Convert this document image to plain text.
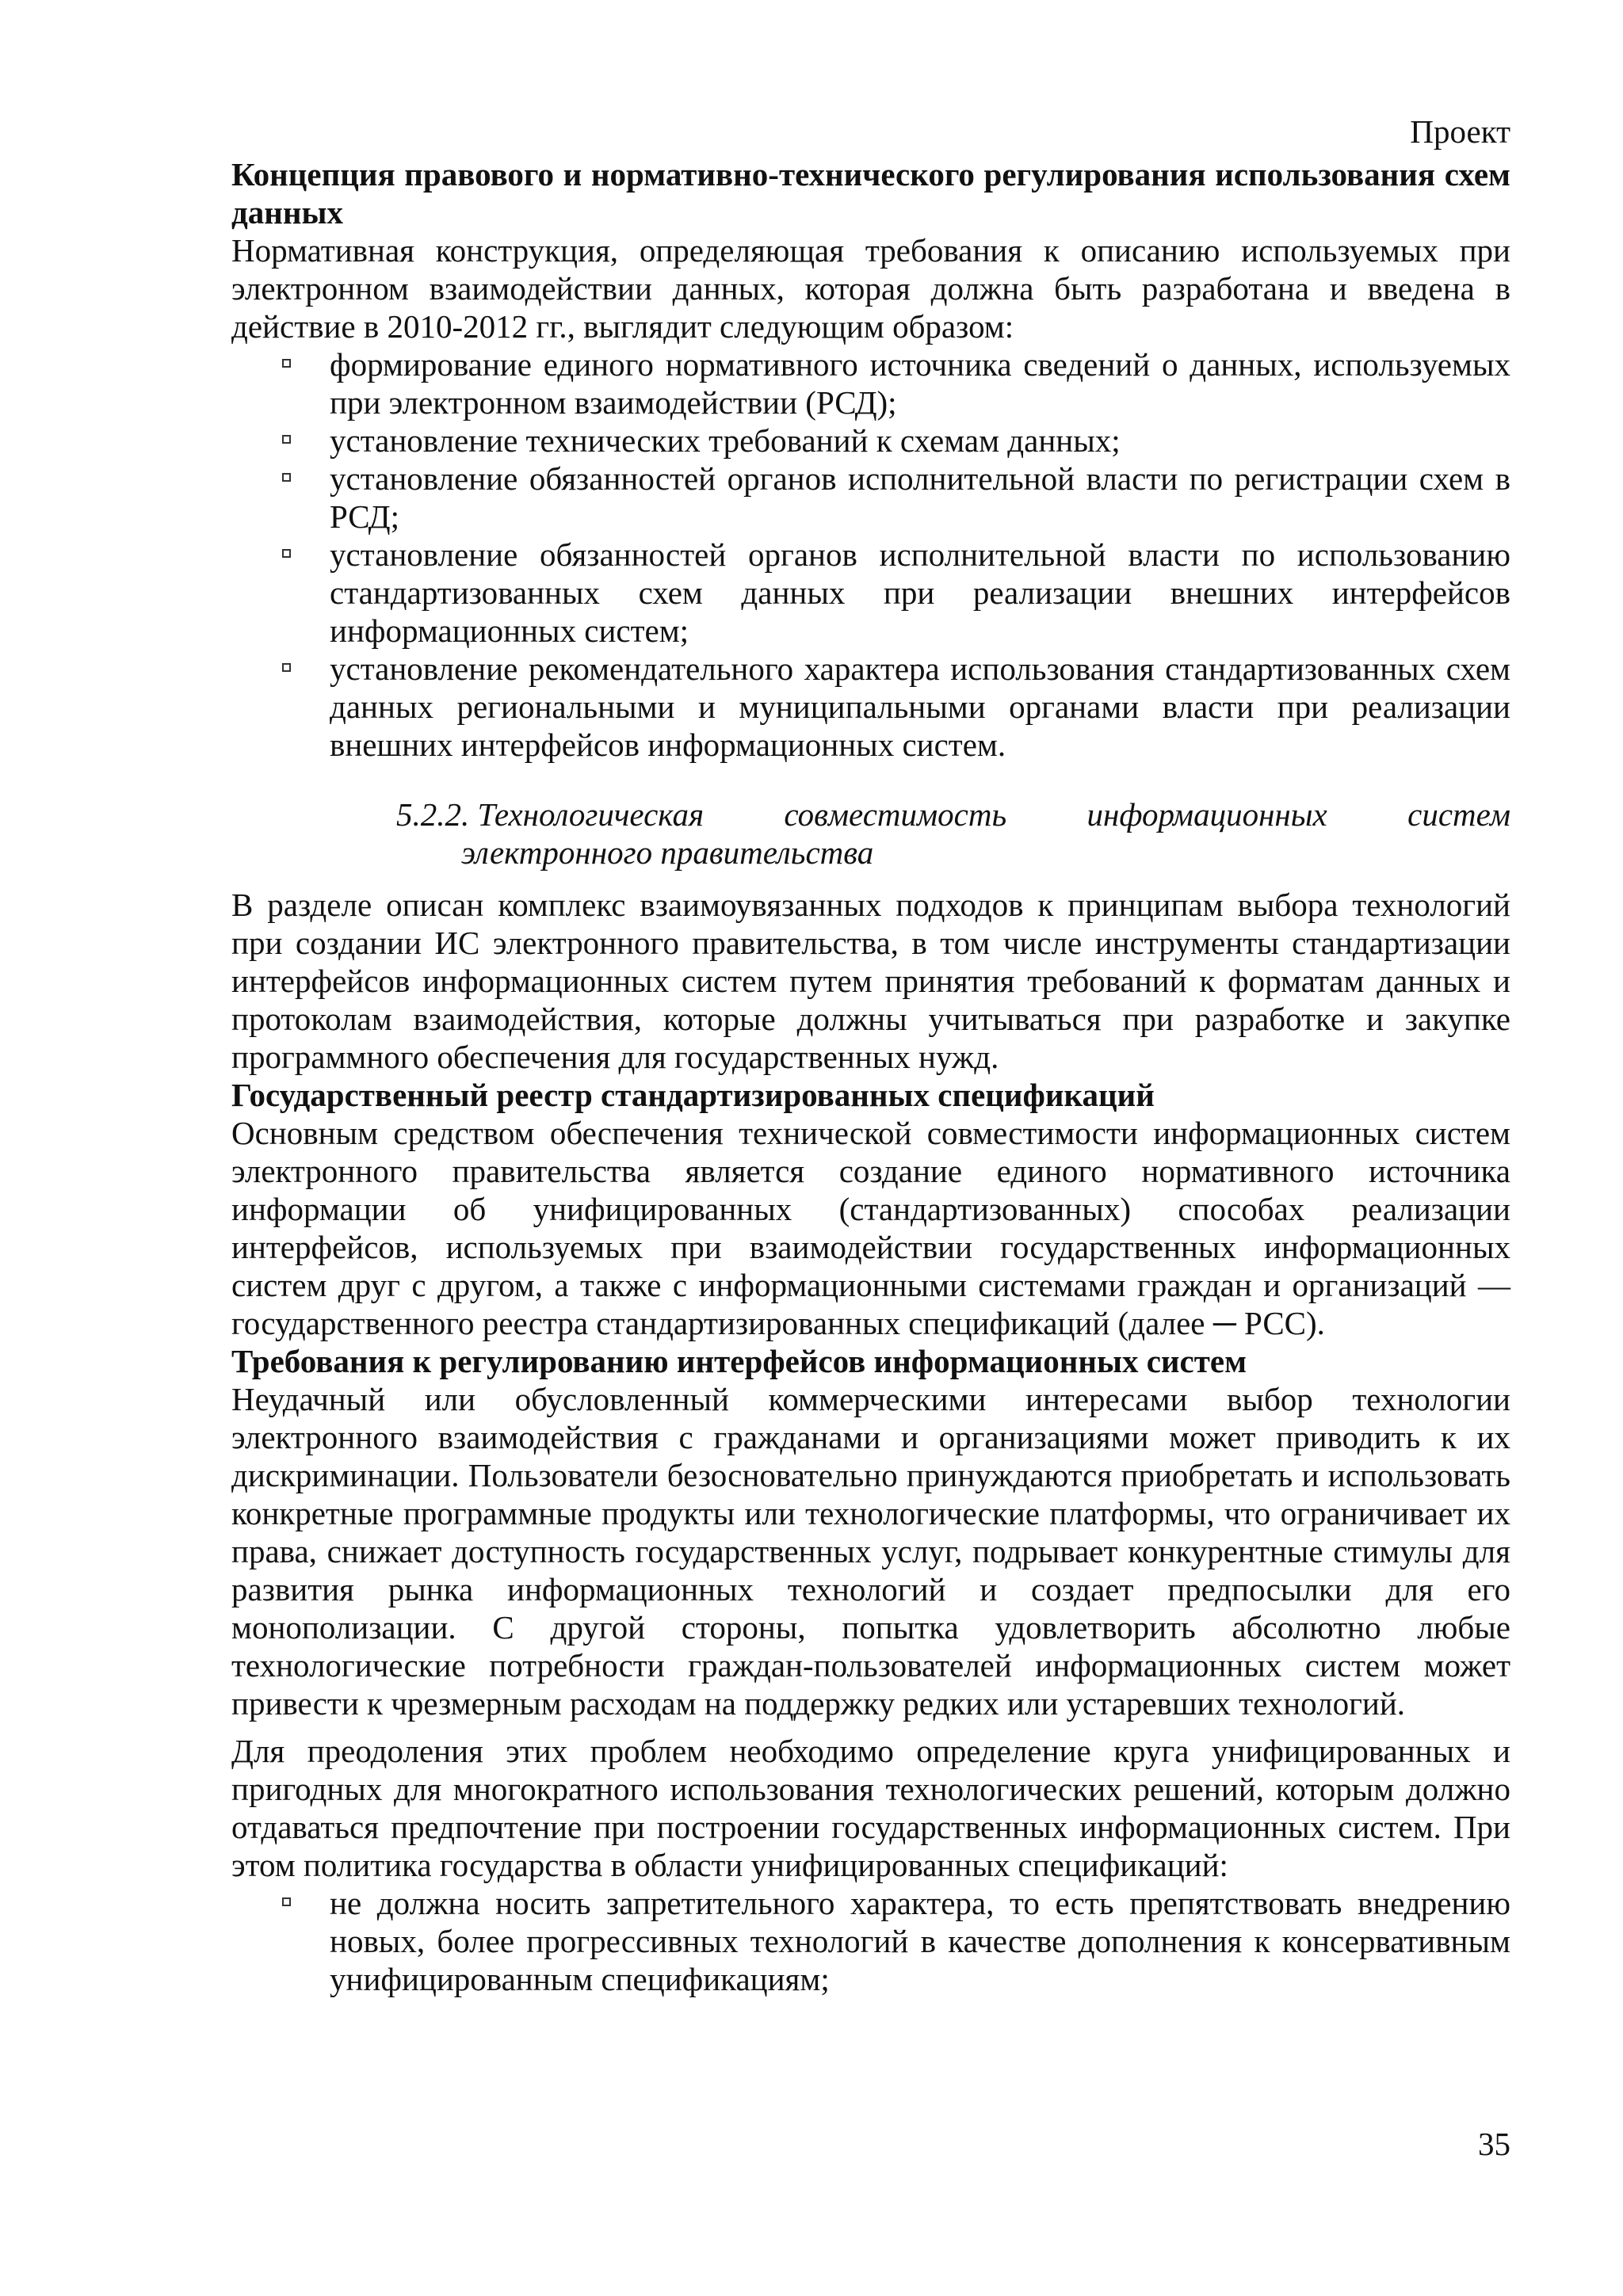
Проект
Концепция правового и нормативно-технического регулирования использования схем данных

Нормативная конструкция, определяющая требования к описанию используемых при электронном взаимодействии данных, которая должна быть разработана и введена в действие в 2010-2012 гг., выглядит следующим образом:

формирование единого нормативного источника сведений о данных, используемых при электронном взаимодействии (РСД);
установление технических требований к схемам данных;
установление обязанностей органов исполнительной власти по регистрации схем в РСД;
установление обязанностей органов исполнительной власти по использованию стандартизованных схем данных при реализации внешних интерфейсов информационных систем;
установление рекомендательного характера использования стандартизованных схем данных региональными и муниципальными органами власти при реализации внешних интерфейсов информационных систем.
5.2.2. Технологическая совместимость информационных систем
электронного правительства

В разделе описан комплекс взаимоувязанных подходов к принципам выбора технологий при создании ИС электронного правительства, в том числе инструменты стандартизации интерфейсов информационных систем путем принятия требований к форматам данных и протоколам взаимодействия, которые должны учитываться при разработке и закупке программного обеспечения для государственных нужд.

Государственный реестр стандартизированных спецификаций

Основным средством обеспечения технической совместимости информационных систем электронного правительства является создание единого нормативного источника информации об унифицированных (стандартизованных) способах реализации интерфейсов, используемых при взаимодействии государственных информационных систем друг с другом, а также с информационными системами граждан и организаций — государственного реестра стандартизированных спецификаций (далее ─ РСС).

Требования к регулированию интерфейсов информационных систем

Неудачный или обусловленный коммерческими интересами выбор технологии электронного взаимодействия с гражданами и организациями может приводить к их дискриминации. Пользователи безосновательно принуждаются приобретать и использовать конкретные программные продукты или технологические платформы, что ограничивает их права, снижает доступность государственных услуг, подрывает конкурентные стимулы для развития рынка информационных технологий и создает предпосылки для его монополизации. С другой стороны, попытка удовлетворить абсолютно любые технологические потребности граждан-пользователей информационных систем может привести к чрезмерным расходам на поддержку редких или устаревших технологий.

Для преодоления этих проблем необходимо определение круга унифицированных и пригодных для многократного использования технологических решений, которым должно отдаваться предпочтение при построении государственных информационных систем. При этом политика государства в области унифицированных спецификаций:

не должна носить запретительного характера, то есть препятствовать внедрению новых, более прогрессивных технологий в качестве дополнения к консервативным унифицированным спецификациям;
35
